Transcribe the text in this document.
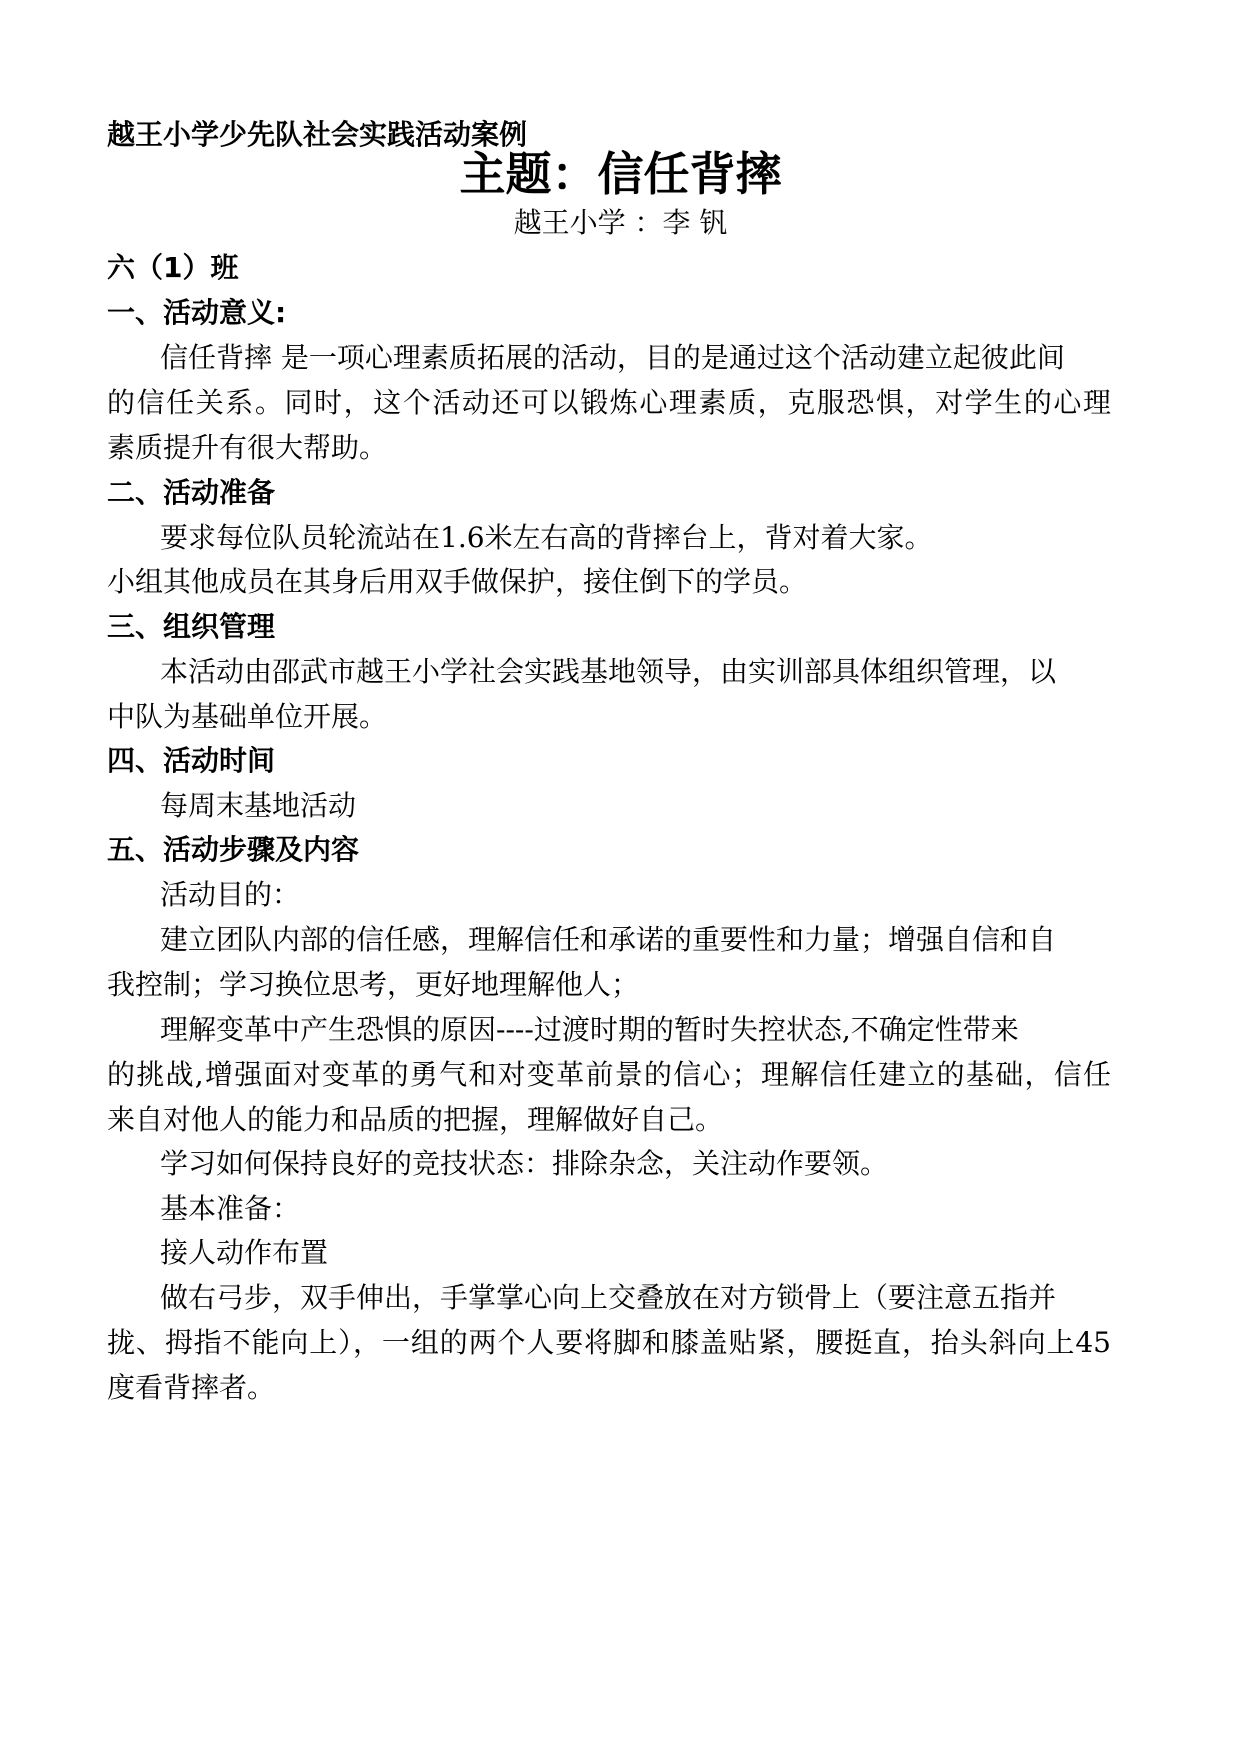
越王小学少先队社会实践活动案例

主题：信任背摔

越王小学 ：李 钒

六（1）班

一、活动意义:

信任背摔 是一项心理素质拓展的活动，目的是通过这个活动建立起彼此间

的信任关系。同时，这个活动还可以锻炼心理素质，克服恐惧，对学生的心理

素质提升有很大帮助。

二、活动准备

要求每位队员轮流站在1.6米左右高的背摔台上，背对着大家。

小组其他成员在其身后用双手做保护，接住倒下的学员。

三、组织管理

本活动由邵武市越王小学社会实践基地领导，由实训部具体组织管理，以

中队为基础单位开展。

四、活动时间

每周末基地活动

五、活动步骤及内容

活动目的：

建立团队内部的信任感，理解信任和承诺的重要性和力量；增强自信和自

我控制；学习换位思考，更好地理解他人；

理解变革中产生恐惧的原因----过渡时期的暂时失控状态,不确定性带来

的挑战,增强面对变革的勇气和对变革前景的信心；理解信任建立的基础，信任

来自对他人的能力和品质的把握，理解做好自己。

学习如何保持良好的竞技状态：排除杂念，关注动作要领。

基本准备：

接人动作布置

做右弓步，双手伸出，手掌掌心向上交叠放在对方锁骨上（要注意五指并

拢、拇指不能向上），一组的两个人要将脚和膝盖贴紧，腰挺直，抬头斜向上45

度看背摔者。
